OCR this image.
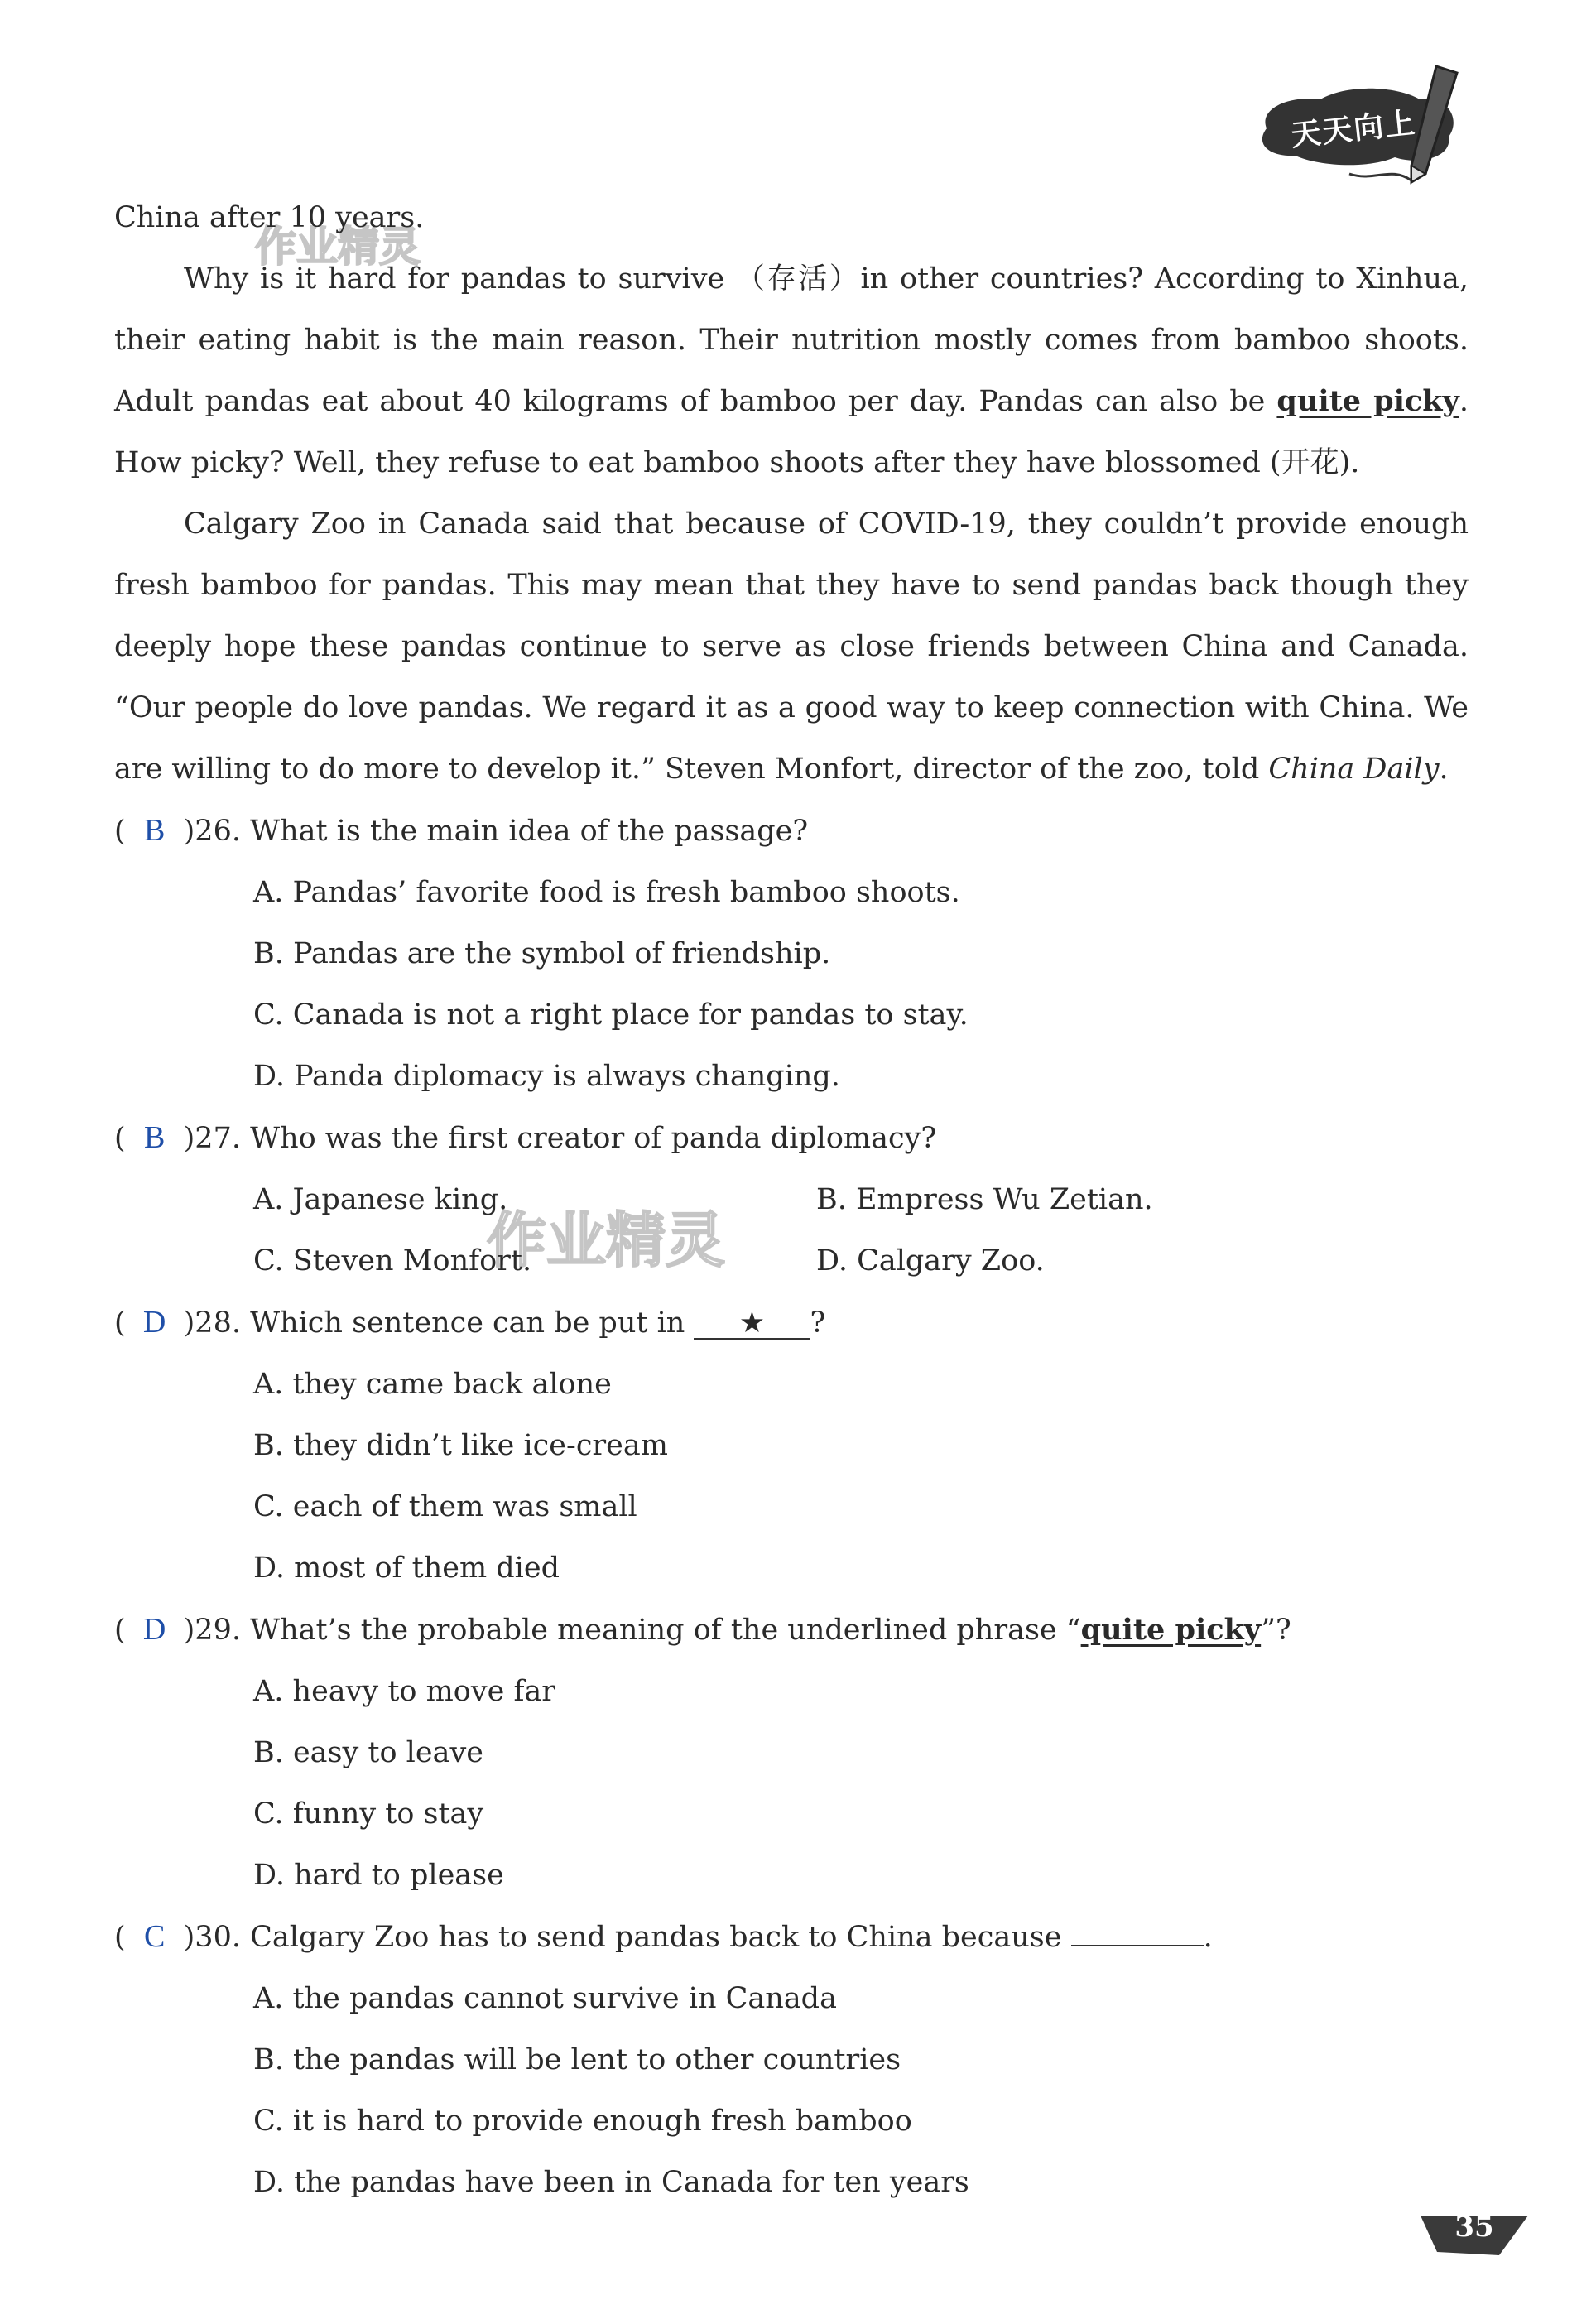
天天向上
作业精灵
作业精灵

China after 10 years.

Why is it hard for pandas to survive （存活）in other countries? According to Xinhua, their eating habit is the main reason. Their nutrition mostly comes from bamboo shoots. Adult pandas eat about 40 kilograms of bamboo per day. Pandas can also be quite picky. How picky? Well, they refuse to eat bamboo shoots after they have blossomed (开花).

Calgary Zoo in Canada said that because of COVID-19, they couldn’t provide enough fresh bamboo for pandas. This may mean that they have to send pandas back though they deeply hope these pandas continue to serve as close friends between China and Canada. “Our people do love pandas. We regard it as a good way to keep connection with China. We are willing to do more to develop it.” Steven Monfort, director of the zoo, told China Daily.

( B )26. What is the main idea of the passage?

A. Pandas’ favorite food is fresh bamboo shoots.

B. Pandas are the symbol of friendship.

C. Canada is not a right place for pandas to stay.

D. Panda diplomacy is always changing.

( B )27. Who was the first creator of panda diplomacy?

A. Japanese king.	B. Empress Wu Zetian.

C. Steven Monfort.	D. Calgary Zoo.

( D )28. Which sentence can be put in ★ ?

A. they came back alone

B. they didn’t like ice-cream

C. each of them was small

D. most of them died

( D )29. What’s the probable meaning of the underlined phrase “quite picky”?

A. heavy to move far

B. easy to leave

C. funny to stay

D. hard to please

( C )30. Calgary Zoo has to send pandas back to China because	.

A. the pandas cannot survive in Canada

B. the pandas will be lent to other countries

C. it is hard to provide enough fresh bamboo

D. the pandas have been in Canada for ten years

35
